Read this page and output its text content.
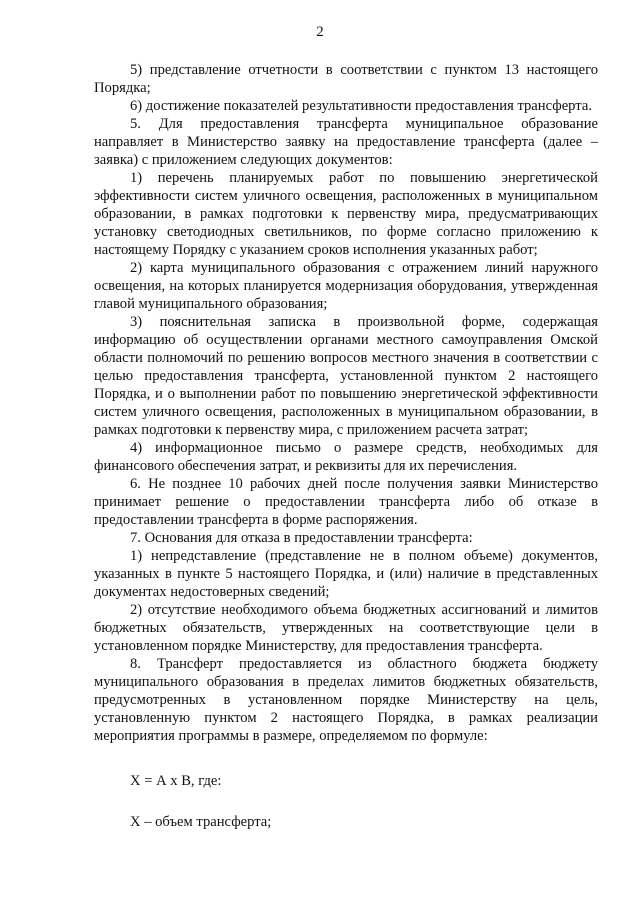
2

5) представление отчетности в соответствии с пунктом 13 настоящего Порядка;

6) достижение показателей результативности предоставления трансферта.

5. Для предоставления трансферта муниципальное образование направляет в Министерство заявку на предоставление трансферта (далее – заявка) с приложением следующих документов:

1) перечень планируемых работ по повышению энергетической эффективности систем уличного освещения, расположенных в муниципальном образовании, в рамках подготовки к первенству мира, предусматривающих установку светодиодных светильников, по форме согласно приложению к настоящему Порядку с указанием сроков исполнения указанных работ;

2) карта муниципального образования с отражением линий наружного освещения, на которых планируется модернизация оборудования, утвержденная главой муниципального образования;

3) пояснительная записка в произвольной форме, содержащая информацию об осуществлении органами местного самоуправления Омской области полномочий по решению вопросов местного значения в соответствии с целью предоставления трансферта, установленной пунктом 2 настоящего Порядка, и о выполнении работ по повышению энергетической эффективности систем уличного освещения, расположенных в муниципальном образовании, в рамках подготовки к первенству мира, с приложением расчета затрат;

4) информационное письмо о размере средств, необходимых для финансового обеспечения затрат, и реквизиты для их перечисления.

6. Не позднее 10 рабочих дней после получения заявки Министерство принимает решение о предоставлении трансферта либо об отказе в предоставлении трансферта в форме распоряжения.

7. Основания для отказа в предоставлении трансферта:

1) непредставление (представление не в полном объеме) документов, указанных в пункте 5 настоящего Порядка, и (или) наличие в представленных документах недостоверных сведений;

2) отсутствие необходимого объема бюджетных ассигнований и лимитов бюджетных обязательств, утвержденных на соответствующие цели в установленном порядке Министерству, для предоставления трансферта.

8. Трансферт предоставляется из областного бюджета бюджету муниципального образования в пределах лимитов бюджетных обязательств, предусмотренных в установленном порядке Министерству на цель, установленную пунктом 2 настоящего Порядка, в рамках реализации мероприятия программы в размере, определяемом по формуле:

Х = А х В, где:

Х – объем трансферта;
